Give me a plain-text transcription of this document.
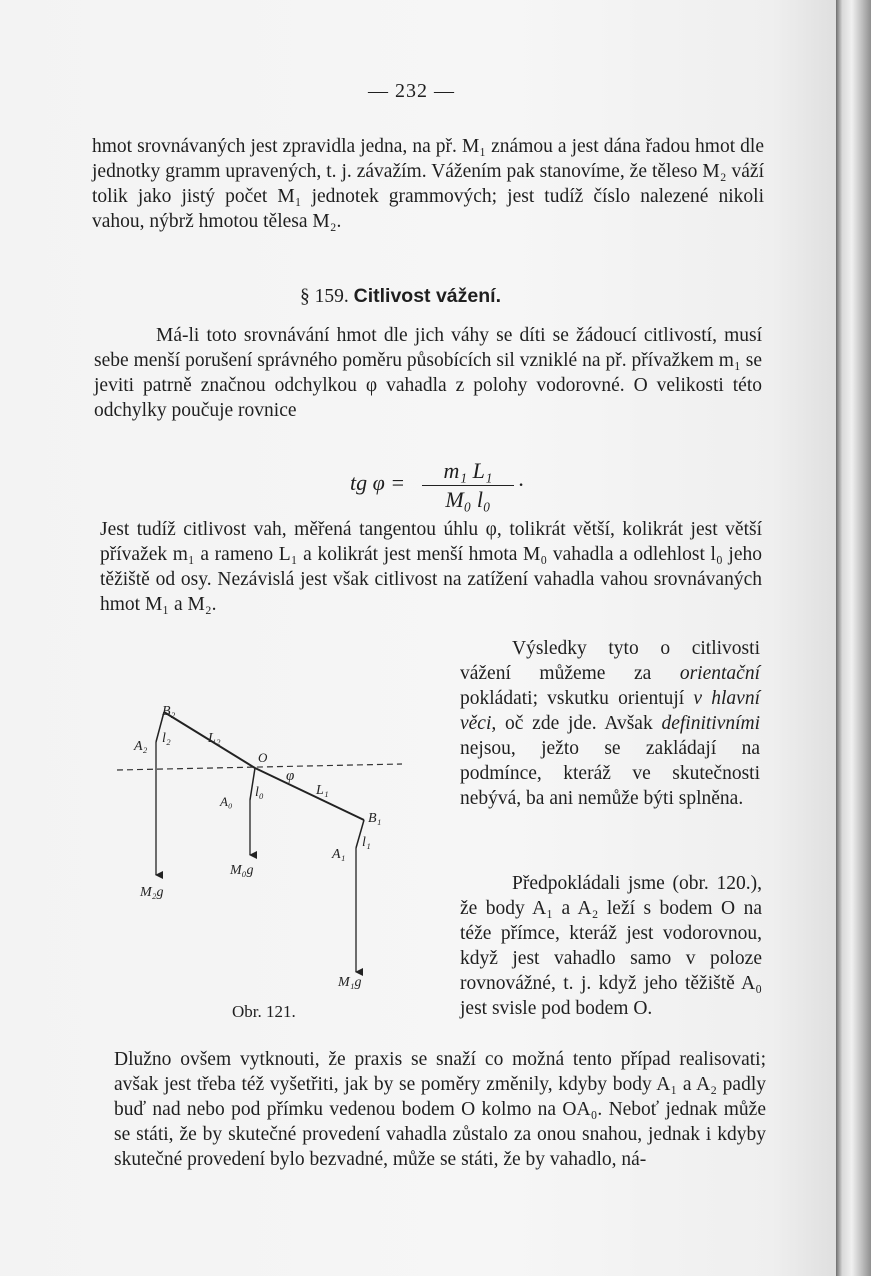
— 232 —

hmot srovnávaných jest zpravidla jedna, na př. M₁ známou a jest dána řadou hmot dle jednotky gramm upravených, t. j. závažím. Vážením pak stanovíme, že těleso M₂ váží tolik jako jistý počet M₁ jednotek grammových; jest tudíž číslo nalezené nikoli vahou, nýbrž hmotou tělesa M₂.

§ 159. Citlivost vážení.

Má-li toto srovnávání hmot dle jich váhy se díti se žádoucí citlivostí, musí sebe menší porušení správného poměru působících sil vzniklé na př. přívažkem m₁ se jeviti patrně značnou odchylkou φ vahadla z polohy vodorovné. O velikosti této odchylky poučuje rovnice

tg φ =	m₁ L₁
M₀ l₀
·

Jest tudíž citlivost vah, měřená tangentou úhlu φ, tolikrát větší, kolikrát jest větší přívažek m₁ a rameno L₁ a kolikrát jest menší hmota M₀ vahadla a odlehlost l₀ jeho těžiště od osy. Nezávislá jest však citlivost na zatížení vahadla vahou srovnávaných hmot M₁ a M₂.

Výsledky tyto o citlivosti vážení můžeme za orientační pokládati; vskutku orientují v hlavní věci, oč zde jde. Avšak definitivními nejsou, ježto se zakládají na podmínce, kteráž ve skutečnosti nebývá, ba ani nemůže býti splněna.

Předpokládali jsme (obr. 120.), že body A₁ a A₂ leží s bodem O na téže přímce, kteráž jest vodorovnou, když jest vahadlo samo v poloze rovnovážné, t. j. když jeho těžiště A₀ jest svisle pod bodem O.

B₂
A₂
l₂	L₂
O
φ
A₀
l₀	L₁
B₁
l₁
A₁
M₀g
M₂g
M₁g
Obr. 121.

Dlužno ovšem vytknouti, že praxis se snaží co možná tento případ realisovati; avšak jest třeba též vyšetřiti, jak by se poměry změnily, kdyby body A₁ a A₂ padly buď nad nebo pod přímku vedenou bodem O kolmo na OA₀. Neboť jednak může se státi, že by skutečné provedení vahadla zůstalo za onou snahou, jednak i kdyby skutečné provedení bylo bezvadné, může se státi, že by vahadlo, ná-
